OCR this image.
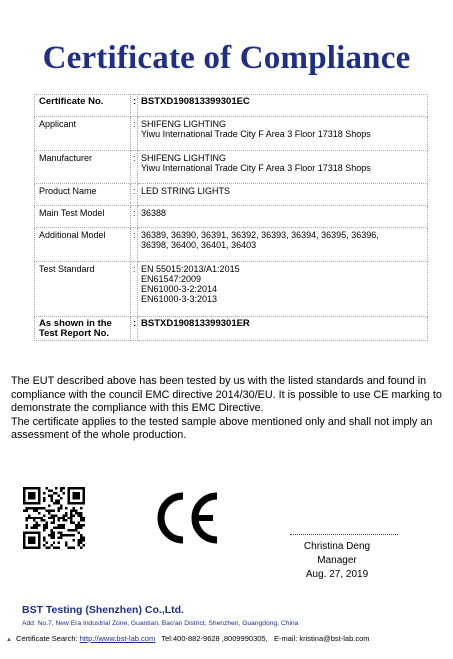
Certificate of Compliance
Certificate No.	:	BSTXD190813399301EC

Applicant	:	SHIFENG LIGHTING
Yiwu International Trade City F Area 3 Floor 17318 Shops

Manufacturer	:	SHIFENG LIGHTING
Yiwu International Trade City F Area 3 Floor 17318 Shops

Product Name	:	LED STRING LIGHTS

Main Test Model	:	36388

Additional Model	:	36389, 36390, 36391, 36392, 36393, 36394, 36395, 36396,
36398, 36400, 36401, 36403

Test Standard	:	EN 55015:2013/A1:2015
EN61547:2009
EN61000-3-2:2014
EN61000-3-3:2013

As shown in the Test Report No.	:	BSTXD190813399301ER

The EUT described above has been tested by us with the listed standards and found in compliance with the council EMC directive 2014/30/EU. It is possible to use CE marking to demonstrate the compliance with this EMC Directive.

The certificate applies to the tested sample above mentioned only and shall not imply an assessment of the whole production.

Christina Deng
Manager
Aug. 27, 2019
BST Testing (Shenzhen) Co.,Ltd.
Add: No.7, New Era Industrial Zone, Guantian, Bao'an District, Shenzhen, Guangdong, China
▲ Certificate Search: http://www.bst-lab.com Tel:400-882-9628 ,8009990305, E-mail: kristina@bst-lab.com
